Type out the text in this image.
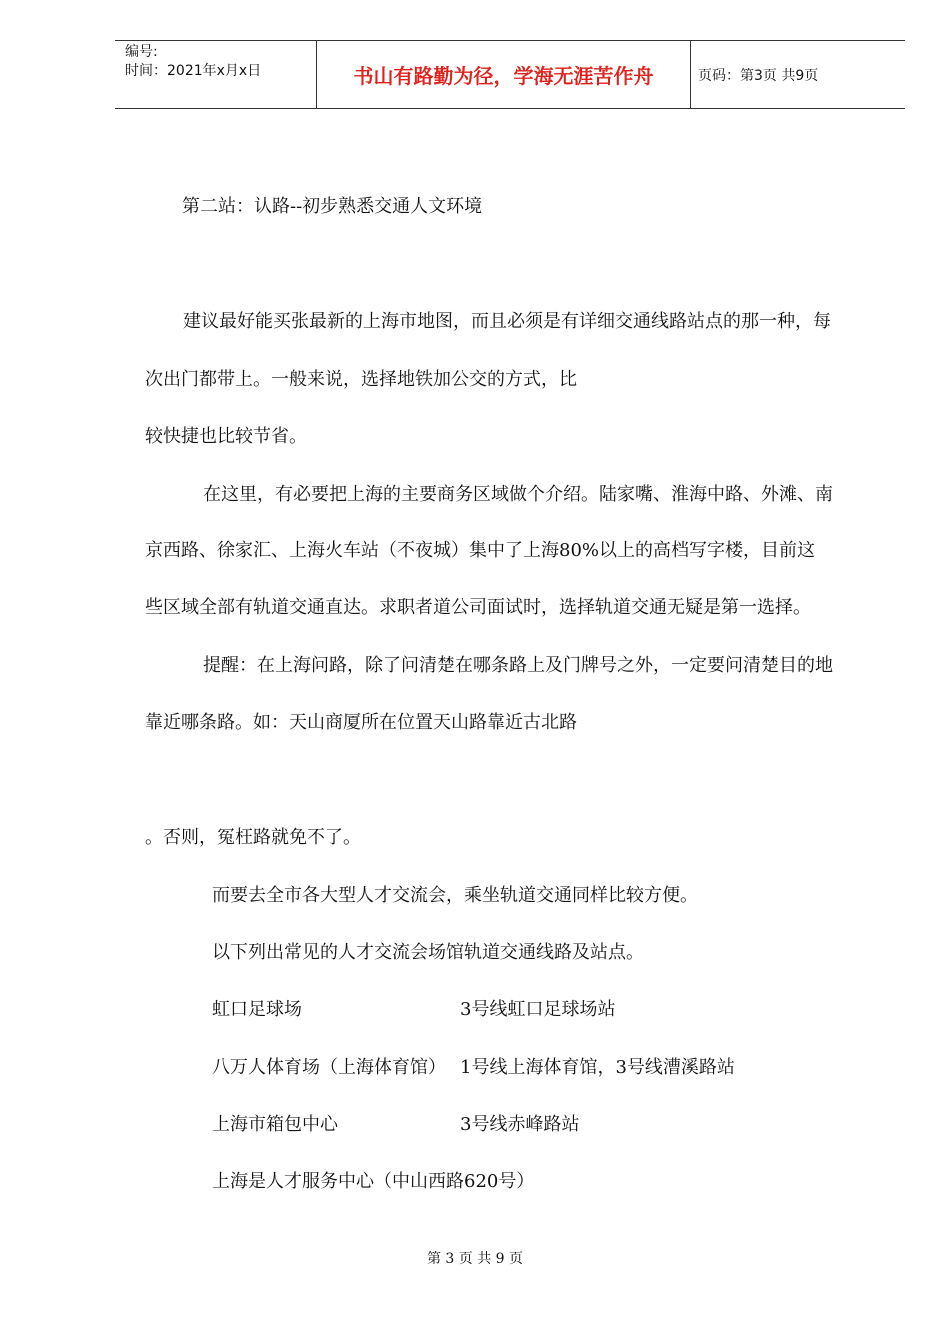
编号:
时间：2021年x月x日	书山有路勤为径，学海无涯苦作舟	页码：第3页 共9页
第二站：认路--初步熟悉交通人文环境
建议最好能买张最新的上海市地图，而且必须是有详细交通线路站点的那一种，每
次出门都带上。一般来说，选择地铁加公交的方式，比
较快捷也比较节省。
在这里，有必要把上海的主要商务区域做个介绍。陆家嘴、淮海中路、外滩、南
京西路、徐家汇、上海火车站（不夜城）集中了上海80%以上的高档写字楼，目前这
些区域全部有轨道交通直达。求职者道公司面试时，选择轨道交通无疑是第一选择。
提醒：在上海问路，除了问清楚在哪条路上及门牌号之外，一定要问清楚目的地
靠近哪条路。如：天山商厦所在位置天山路靠近古北路
。否则，冤枉路就免不了。
而要去全市各大型人才交流会，乘坐轨道交通同样比较方便。
以下列出常见的人才交流会场馆轨道交通线路及站点。
虹口足球场	3号线虹口足球场站
八万人体育场（上海体育馆） 1号线上海体育馆，3号线漕溪路站
上海市箱包中心	3号线赤峰路站
上海是人才服务中心（中山西路620号）
第 3 页 共 9 页
